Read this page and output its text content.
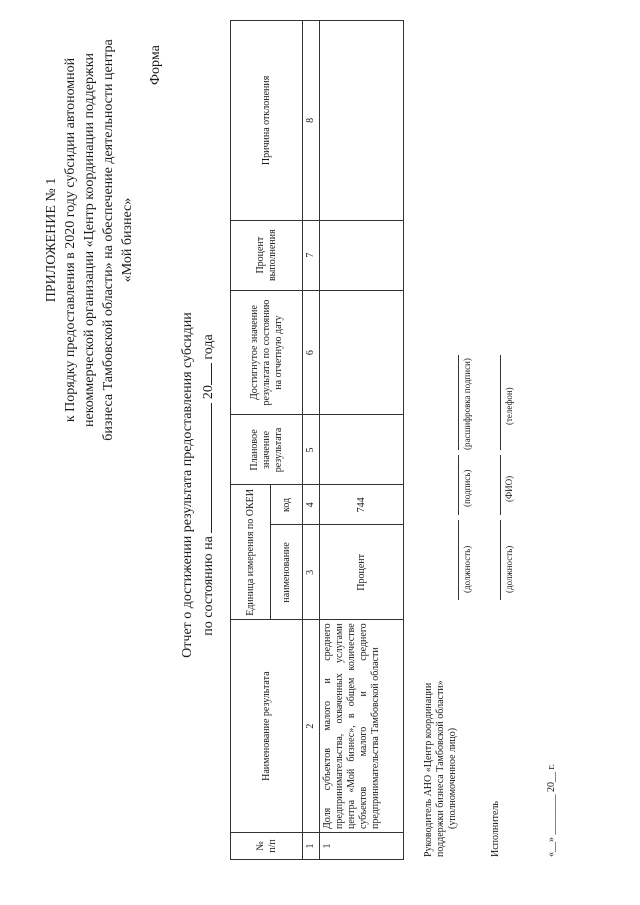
ПРИЛОЖЕНИЕ № 1 к Порядку предоставления в 2020 году субсидии автономной некоммерческой организации «Центр координации поддержки бизнеса Тамбовской области» на обеспечение деятельности центра «Мой бизнес»
Форма
Отчет о достижении результата предоставления субсидии по состоянию на  20 года
№ п/п	Наименование результата	Единица измерения по ОКЕИ		Плановое значение результата	Достигнутое значение результата по состоянию на отчетную дату	Процент выполнения	Причина отклонения
		наименование	код				
1	2	3	4	5	6	7	8
1	Доля субъектов малого и среднего предпринимательства, охваченных услугами центра «Мой бизнес», в общем количестве субъектов малого и среднего предпринимательства Тамбовской области	Процент	744				
Руководитель АНО «Центр координации поддержки бизнеса Тамбовской области» (уполномоченное лицо)
(должность)
(подпись)
(расшифровка подписи)
Исполнитель
(должность)
(ФИО)
(телефон)
«__» ________ 20__ г.
